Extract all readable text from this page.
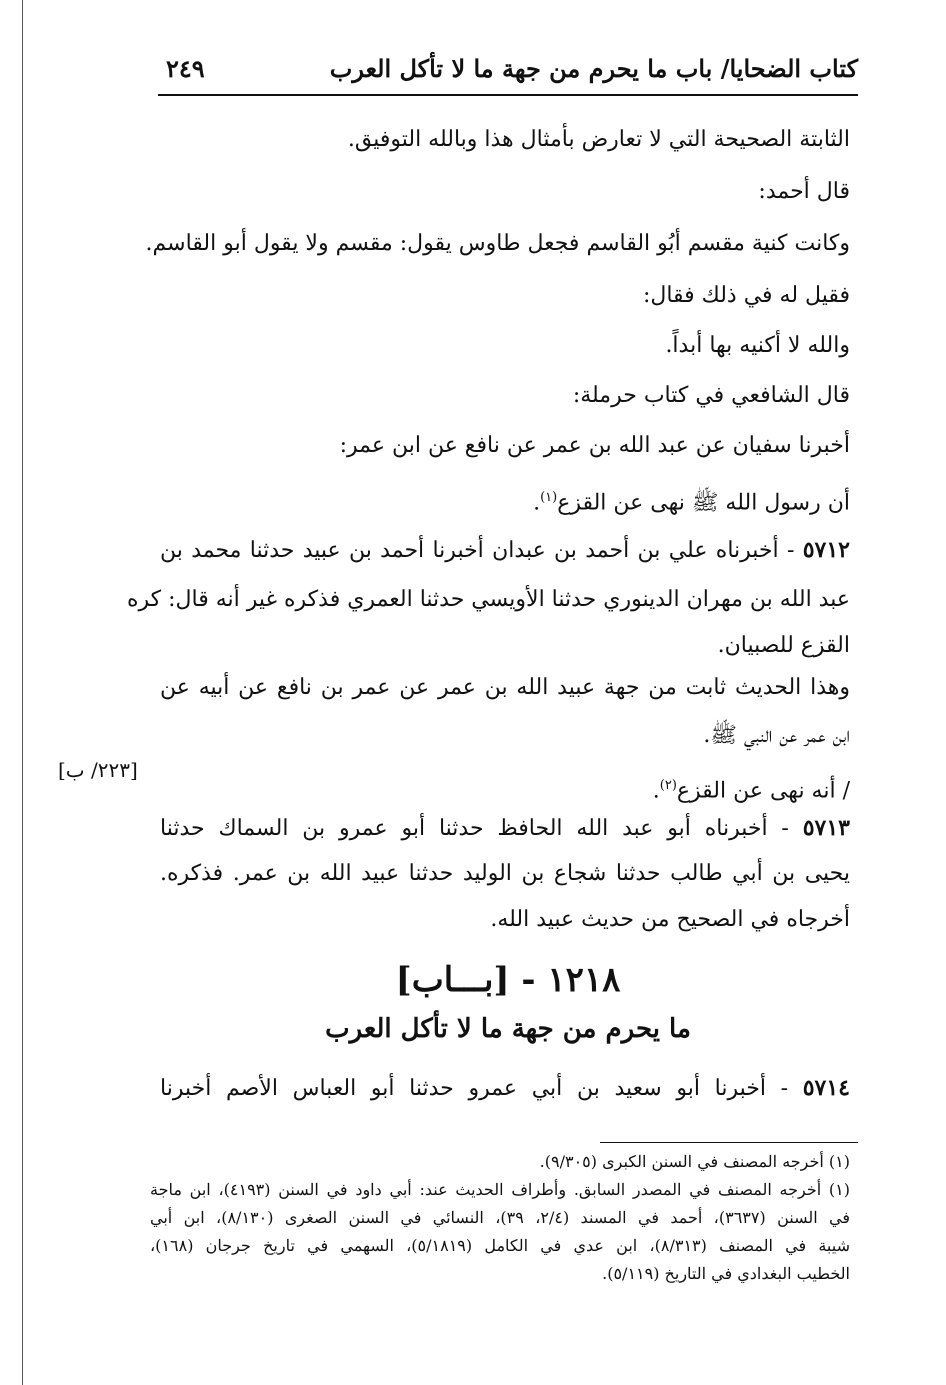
كتاب الضحايا/ باب ما يحرم من جهة ما لا تأكل العرب
٢٤٩
الثابتة الصحيحة التي لا تعارض بأمثال هذا وبالله التوفيق.
قال أحمد:
وكانت كنية مقسم أبُو القاسم فجعل طاوس يقول: مقسم ولا يقول أبو القاسم.
فقيل له في ذلك فقال:
والله لا أكنيه بها أبداً.
قال الشافعي في كتاب حرملة:
أخبرنا سفيان عن عبد الله بن عمر عن نافع عن ابن عمر:
أن رسول الله ﷺ نهى عن القزع$^{(١)}$.
٥٧١٢ - أخبرناه علي بن أحمد بن عبدان أخبرنا أحمد بن عبيد حدثنا محمد بن
عبد الله بن مهران الدينوري حدثنا الأويسي حدثنا العمري فذكره غير أنه قال: كره
القزع للصبيان.
وهذا الحديث ثابت من جهة عبيد الله بن عمر عن عمر بن نافع عن أبيه عن
ابن عمر عن النبي ﷺ.
/ أنه نهى عن القزع$^{(٢)}$.
[٢٢٣/ ب]
٥٧١٣ - أخبرناه أبو عبد الله الحافظ حدثنا أبو عمرو بن السماك حدثنا
يحيى بن أبي طالب حدثنا شجاع بن الوليد حدثنا عبيد الله بن عمر. فذكره.
أخرجاه في الصحيح من حديث عبيد الله.
١٢١٨ - [بـــاب]
ما يحرم من جهة ما لا تأكل العرب
٥٧١٤ - أخبرنا أبو سعيد بن أبي عمرو حدثنا أبو العباس الأصم أخبرنا
(١) أخرجه المصنف في السنن الكبرى (٩/٣٠٥).
(١) أخرجه المصنف في المصدر السابق. وأطراف الحديث عند: أبي داود في السنن (٤١٩٣)، ابن ماجة
في السنن (٣٦٣٧)، أحمد في المسند (٢/٤، ٣٩)، النسائي في السنن الصغرى (٨/١٣٠)، ابن أبي
شيبة في المصنف (٨/٣١٣)، ابن عدي في الكامل (٥/١٨١٩)، السهمي في تاريخ جرجان (١٦٨)،
الخطيب البغدادي في التاريخ (٥/١١٩).
